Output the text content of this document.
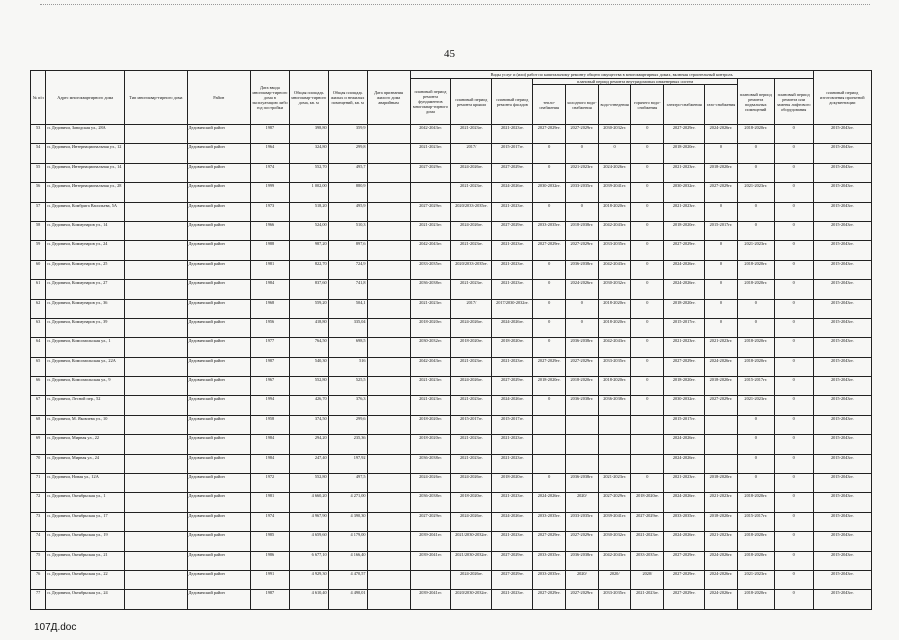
45
№ п/п	Адрес многоквартирного дома	Тип многоквар-тирного дома	Район	Дата ввода многоквар-тирного дома в эксплуатацию либо год постройки	Общая площадь многоквар-тирного дома, кв. м	Общая площадь жилых и нежилых помещений, кв. м	Дата признания жилого дома аварийным	Виды услуг и (или) работ по капитальному ремонту общего имущества в многоквартирных домах, включая строительный контроль											плановый период изготовления проектной документации
								плановый период ремонта фундаментов многоквар-тирного дома	плановый период ремонта крыши	плановый период ремонта фасадов	плановый период ремонта внутридомовых инженерных систем						плановый период ремонта подвальных помещений	плановый период ремонта или замены лифтового оборудования	
											тепло-снабжения	холодного водо-снабжения	водо-отведения	горячего водо-снабжения	электро-снабжения	газо-снабжения			
53	п. Дедовичи, Заводская ул., 28А		Дедовичский район	1987	398,80	359,9		2042-2043гг.	2021-2023гг.	2021-2023гг.	2027-2029гг.	2027-2029гг.	2030-2032гг.	0	2027-2029гг.	2024-2026гг.	2018-2020гг.	0	2015-2043гг.
54	п. Дедовичи, Интернациональная ул., 12		Дедовичский район	1964	324,80	299,8		2021-2023гг.	2017/	2015-2017гг.	0	0	0	0	2018-2020гг.	0	0	0	2015-2043гг.
55	п. Дедовичи, Интернациональная ул., 14		Дедовичский район	1974	552,70	495,7		2027-2029гг.	2024-2026гг.	2027-2029гг.	0	2021-2023гг.	2024-2026гг.	0	2021-2023гг.	2018-2020гг.	0	0	2015-2043гг.
56	п. Дедовичи, Интернациональная ул., 28		Дедовичский район	1999	1 002,00	880,9			2021-2023гг.	2024-2026гг.	2030-2032гг.	2033-2035гг.	2039-2041гг.	0	2030-2032гг.	2027-2029гг.	2021-2023гг.	0	2015-2043гг.
57	п. Дедовичи, Комбрига Васильева, 5А		Дедовичский район	1973	518,20	495,9		2027-2029гг.	2020/2033-2035гг.	2021-2023гг.	0	0	2018-2020гг.	0	2021-2023гг.	0	0	0	2015-2043гг.
58	п. Дедовичи, Коммунаров ул., 14		Дедовичский район	1966	524,00	510,3		2021-2023гг.	2024-2026гг.	2027-2029гг.	2033-2035гг.	2018-2038гг.	2042-2043гг.	0	2018-2020гг.	2015-2017гг.	0	0	2015-2043гг.
59	п. Дедовичи, Коммунаров ул., 24		Дедовичский район	1988	987,20	897,6		2042-2043гг.	2021-2023гг.	2021-2023гг.	2027-2029гг.	2027-2029гг.	2033-2035гг.	0	2027-2029гг.	0	2021-2023гг.	0	2015-2043гг.
60	п. Дедовичи, Коммунаров ул., 25		Дедовичский район	1981	822,70	724,9		2033-2035гг.	2020/2033-2035гг.	2021-2023гг.	0	2036-2038гг.	2042-2043гг.	0	2024-2026гг.	0	2018-2020гг.	0	2015-2043гг.
61	п. Дедовичи, Коммунаров ул., 27		Дедовичский район	1984	837,60	741,8		2036-2038гг.	2021-2023гг.	2021-2023гг.	0	2024-2026гг.	2030-2032гг.	0	2024-2026гг.	0	2018-2020гг.	0	2015-2043гг.
62	п. Дедовичи, Коммунаров ул., 36		Дедовичский район	1968	559,20	504,1		2021-2023гг.	2017/	2017/2030-2032гг.	0	0	2018-2020гг.	0	2018-2020гг.	0	0	0	2015-2043гг.
63	п. Дедовичи, Коммунаров ул., 39		Дедовичский район	1956	418,80	335,04		2018-2020гг.	2024-2026гг.	2024-2026гг.	0	0	2018-2020гг.	0	2015-2017гг.	0	0	0	2015-2043гг.
64	п. Дедовичи, Комсомольская ул., 1		Дедовичский район	1977	764,50	698,5		2030-2032гг.	2018-2020гг.	2018-2020гг.	0	2036-2038гг.	2042-2043гг.	0	2021-2023гг.	2021-2023гг.	2018-2020гг.	0	2015-2043гг.
65	п. Дедовичи, Комсомольская ул., 22А		Дедовичский район	1987	540,30	516		2042-2043гг.	2021-2023гг.	2021-2023гг.	2027-2029гг.	2027-2029гг.	2033-2035гг.	0	2027-2029гг.	2024-2026гг.	2018-2020гг.	0	2015-2043гг.
66	п. Дедовичи, Комсомольская ул., 9		Дедовичский район	1967	552,80	525,5		2021-2023гг.	2024-2026гг.	2027-2029гг.	2018-2020гг.	2018-2020гг.	2018-2020гг.	0	2018-2020гг.	2018-2020гг.	2015-2017гг.	0	2015-2043гг.
67	п. Дедовичи, Лесной пер., 52		Дедовичский район	1994	426,70	376,3		2021-2023гг.	2021-2023гг.	2024-2026гг.	0	2036-2038гг.	2036-2038гг.	0	2030-2032гг.	2027-2029гг.	2021-2023гг.	0	2015-2043гг.
68	п. Дедовичи, М. Яковлева ул., 10		Дедовичский район	1958	374,50	299,6		2018-2020гг.	2015-2017гг.	2015-2017гг.					2015-2017гг.		0	0	2015-2043гг.
69	п. Дедовичи, Мирная ул., 22		Дедовичский район	1984	294,20	235,36		2018-2020гг.	2021-2023гг.	2021-2023гг.					2024-2026гг.		0	0	2015-2043гг.
70	п. Дедовичи, Мирная ул., 24		Дедовичский район	1984	247,40	197,92		2036-2038гг.	2021-2023гг.	2021-2023гг.					2024-2026гг.		0	0	2015-2043гг.
71	п. Дедовичи, Новая ул., 12А		Дедовичский район	1972	552,80	497,5		2024-2026гг.	2024-2026гг.	2018-2020гг.	0	2036-2038гг.	2021-2023гг.	0	2021-2023гг.	2018-2020гг.	0	0	2015-2043гг.
72	п. Дедовичи, Октябрьская ул., 1		Дедовичский район	1981	4 660,20	4 271,00		2036-2038гг.	2018-2020гг.	2021-2023гг.	2024-2026гг.	2020/	2027-2029гг.	2018-2020гг.	2024-2026гг.	2021-2023гг.	2018-2020гг.	0	2015-2043гг.
73	п. Дедовичи, Октябрьская ул., 17		Дедовичский район	1974	4 967,90	4 390,30		2027-2029гг.	2024-2026гг.	2024-2026гг.	2033-2035гг.	2033-2035гг.	2039-2041гг.	2027-2029гг.	2033-2035гг.	2018-2020гг.	2015-2017гг.	0	2015-2043гг.
74	п. Дедовичи, Октябрьская ул., 19		Дедовичский район	1985	4 659,60	4 179,00		2039-2041гг.	2021/2030-2032гг.	2021-2023гг.	2027-2029гг.	2027-2029гг.	2030-2032гг.	2021-2023гг.	2024-2026гг.	2021-2023гг.	2018-2020гг.	0	2015-2043гг.
75	п. Дедовичи, Октябрьская ул., 21		Дедовичский район	1986	6 677,10	4 166,40		2039-2041гг.	2021/2030-2032гг.	2027-2029гг.	2033-2035гг.	2036-2038гг.	2042-2043гг.	2033-2035гг.	2027-2029гг.	2024-2026гг.	2018-2020гг.	0	2015-2043гг.
76	п. Дедовичи, Октябрьская ул., 22		Дедовичский район	1991	4 929,30	4 470,57			2024-2026гг.	2027-2029гг.	2033-2035гг.	2020/	2020/	2020/	2027-2029гг.	2024-2026гг.	2021-2023гг.	0	2015-2043гг.
77	п. Дедовичи, Октябрьская ул., 24		Дедовичский район	1987	4 610,40	4 490,01		2039-2041гг.	2020/2030-2032гг.	2021-2023гг.	2027-2029гг.	2027-2029гг.	2033-2035гг.	2021-2023гг.	2027-2029гг.	2024-2026гг.	2018-2020гг.	0	2015-2043гг.
107Д.doc
